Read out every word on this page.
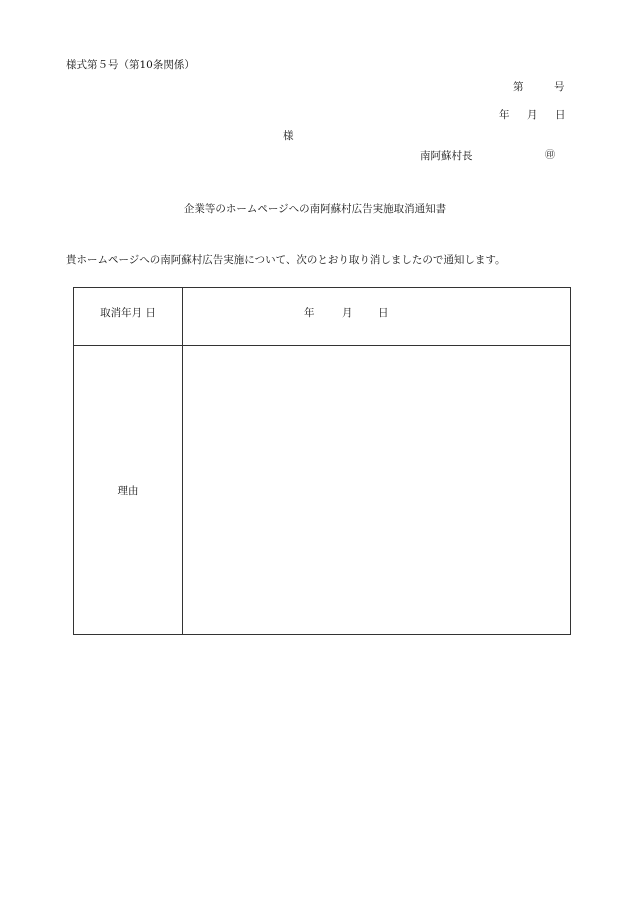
様式第５号（第10条関係）
第	号
年 月 日
様
南阿蘇村長	㊞
企業等のホームページへの南阿蘇村広告実施取消通知書
貴ホームページへの南阿蘇村広告実施について、次のとおり取り消しましたので通知します。
取消年月 日	年	月 日
理由
